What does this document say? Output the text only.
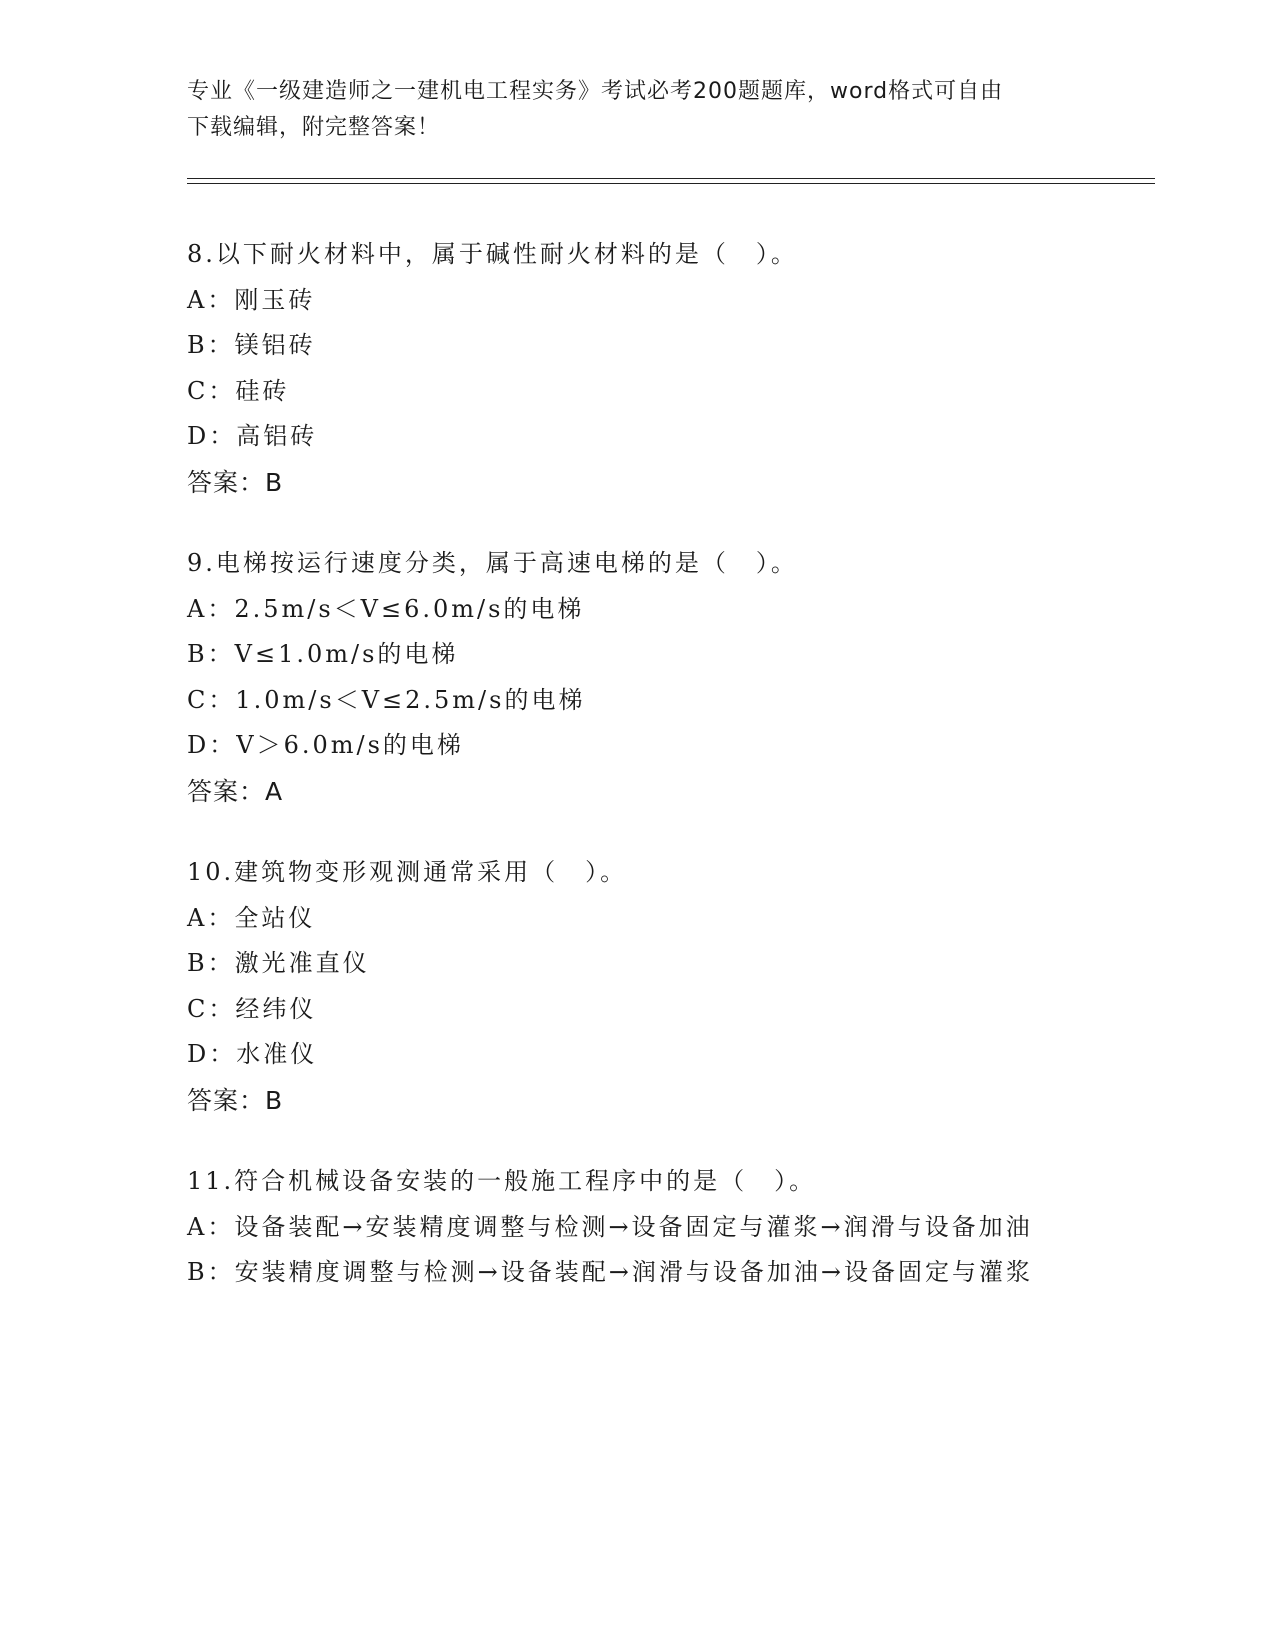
专业《一级建造师之一建机电工程实务》考试必考200题题库，word格式可自由
下载编辑，附完整答案！
8.以下耐火材料中，属于碱性耐火材料的是（　）。
A：刚玉砖
B：镁铝砖
C：硅砖
D：高铝砖
答案：B
9.电梯按运行速度分类，属于高速电梯的是（　）。
A：2.5m/s＜V≤6.0m/s的电梯
B：V≤1.0m/s的电梯
C：1.0m/s＜V≤2.5m/s的电梯
D：V＞6.0m/s的电梯
答案：A
10.建筑物变形观测通常采用（　）。
A：全站仪
B：激光准直仪
C：经纬仪
D：水准仪
答案：B
11.符合机械设备安装的一般施工程序中的是（　）。
A：设备装配→安装精度调整与检测→设备固定与灌浆→润滑与设备加油
B：安装精度调整与检测→设备装配→润滑与设备加油→设备固定与灌浆
